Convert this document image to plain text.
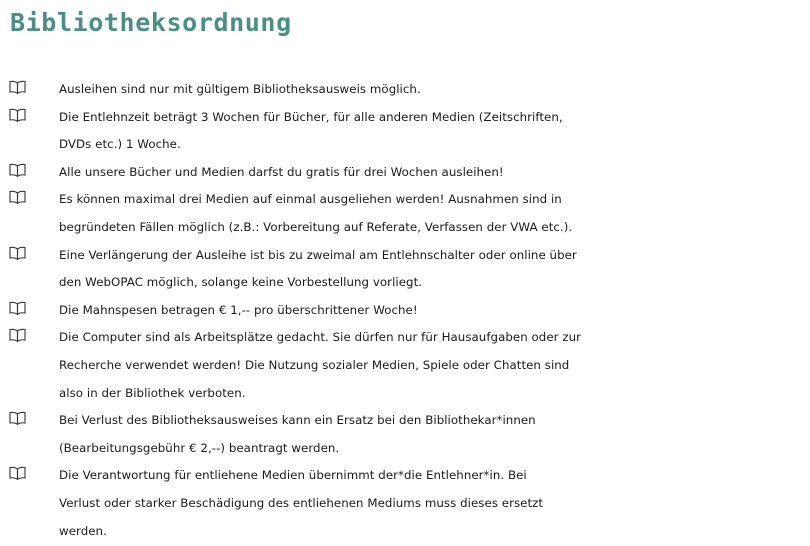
Bibliotheksordnung
Ausleihen sind nur mit gültigem Bibliotheksausweis möglich.
Die Entlehnzeit beträgt 3 Wochen für Bücher, für alle anderen Medien (Zeitschriften,
DVDs etc.) 1 Woche.
Alle unsere Bücher und Medien darfst du gratis für drei Wochen ausleihen!
Es können maximal drei Medien auf einmal ausgeliehen werden! Ausnahmen sind in
begründeten Fällen möglich (z.B.: Vorbereitung auf Referate, Verfassen der VWA etc.).
Eine Verlängerung der Ausleihe ist bis zu zweimal am Entlehnschalter oder online über
den WebOPAC möglich, solange keine Vorbestellung vorliegt.
Die Mahnspesen betragen € 1,-- pro überschrittener Woche!
Die Computer sind als Arbeitsplätze gedacht. Sie dürfen nur für Hausaufgaben oder zur
Recherche verwendet werden! Die Nutzung sozialer Medien, Spiele oder Chatten sind
also in der Bibliothek verboten.
Bei Verlust des Bibliotheksausweises kann ein Ersatz bei den Bibliothekar*innen
(Bearbeitungsgebühr € 2,--) beantragt werden.
Die Verantwortung für entliehene Medien übernimmt der*die Entlehner*in. Bei
Verlust oder starker Beschädigung des entliehenen Mediums muss dieses ersetzt
werden.
